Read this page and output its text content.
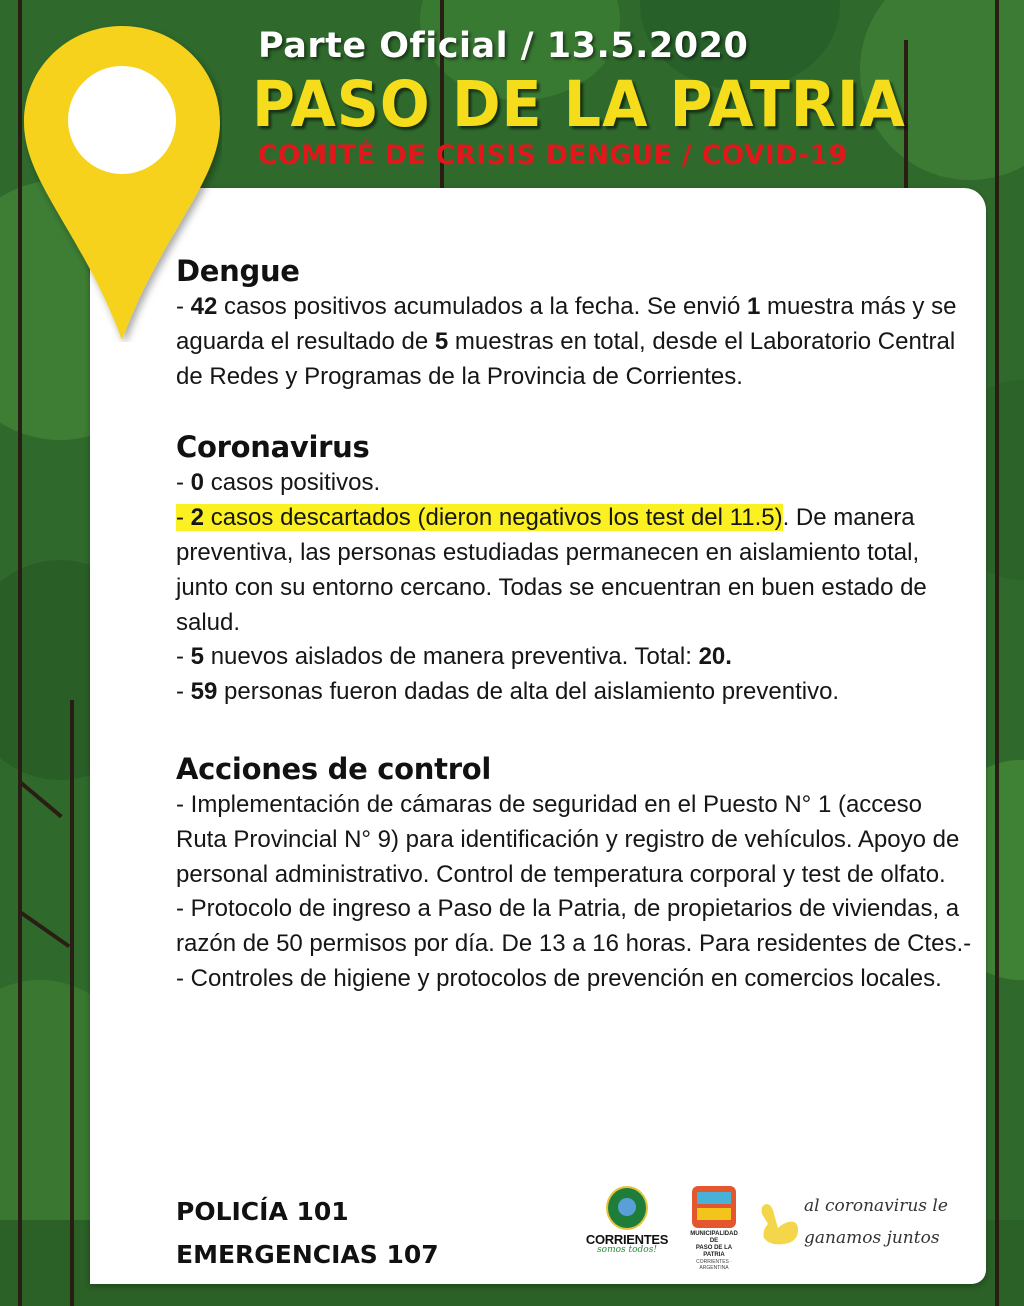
Parte Oficial / 13.5.2020
PASO DE LA PATRIA
COMITÉ DE CRISIS DENGUE / COVID-19
Dengue
- 42 casos positivos acumulados a la fecha. Se envió 1 muestra más y se aguarda el resultado de 5 muestras en total, desde el Laboratorio Central de Redes y Programas de la Provincia de Corrientes.
Coronavirus
- 0 casos positivos.
- 2 casos descartados (dieron negativos los test del 11.5). De manera preventiva, las personas estudiadas permanecen en aislamiento total, junto con su entorno cercano. Todas se encuentran en buen estado de salud.
- 5 nuevos aislados de manera preventiva. Total: 20.
- 59 personas fueron dadas de alta del aislamiento preventivo.
Acciones de control
- Implementación de cámaras de seguridad en el Puesto N° 1 (acceso Ruta Provincial N° 9) para identificación y registro de vehículos. Apoyo de personal administrativo. Control de temperatura corporal y test de olfato.
- Protocolo de ingreso a Paso de la Patria, de propietarios de viviendas, a razón de 50 permisos por día. De 13 a 16 horas. Para residentes de Ctes.-
- Controles de higiene y protocolos de prevención en comercios locales.
POLICÍA 101
EMERGENCIAS 107
CORRIENTES
somos todos!
MUNICIPALIDAD DE
PASO DE LA PATRIA
CORRIENTES · ARGENTINA
al coronavirus le
ganamos juntos
